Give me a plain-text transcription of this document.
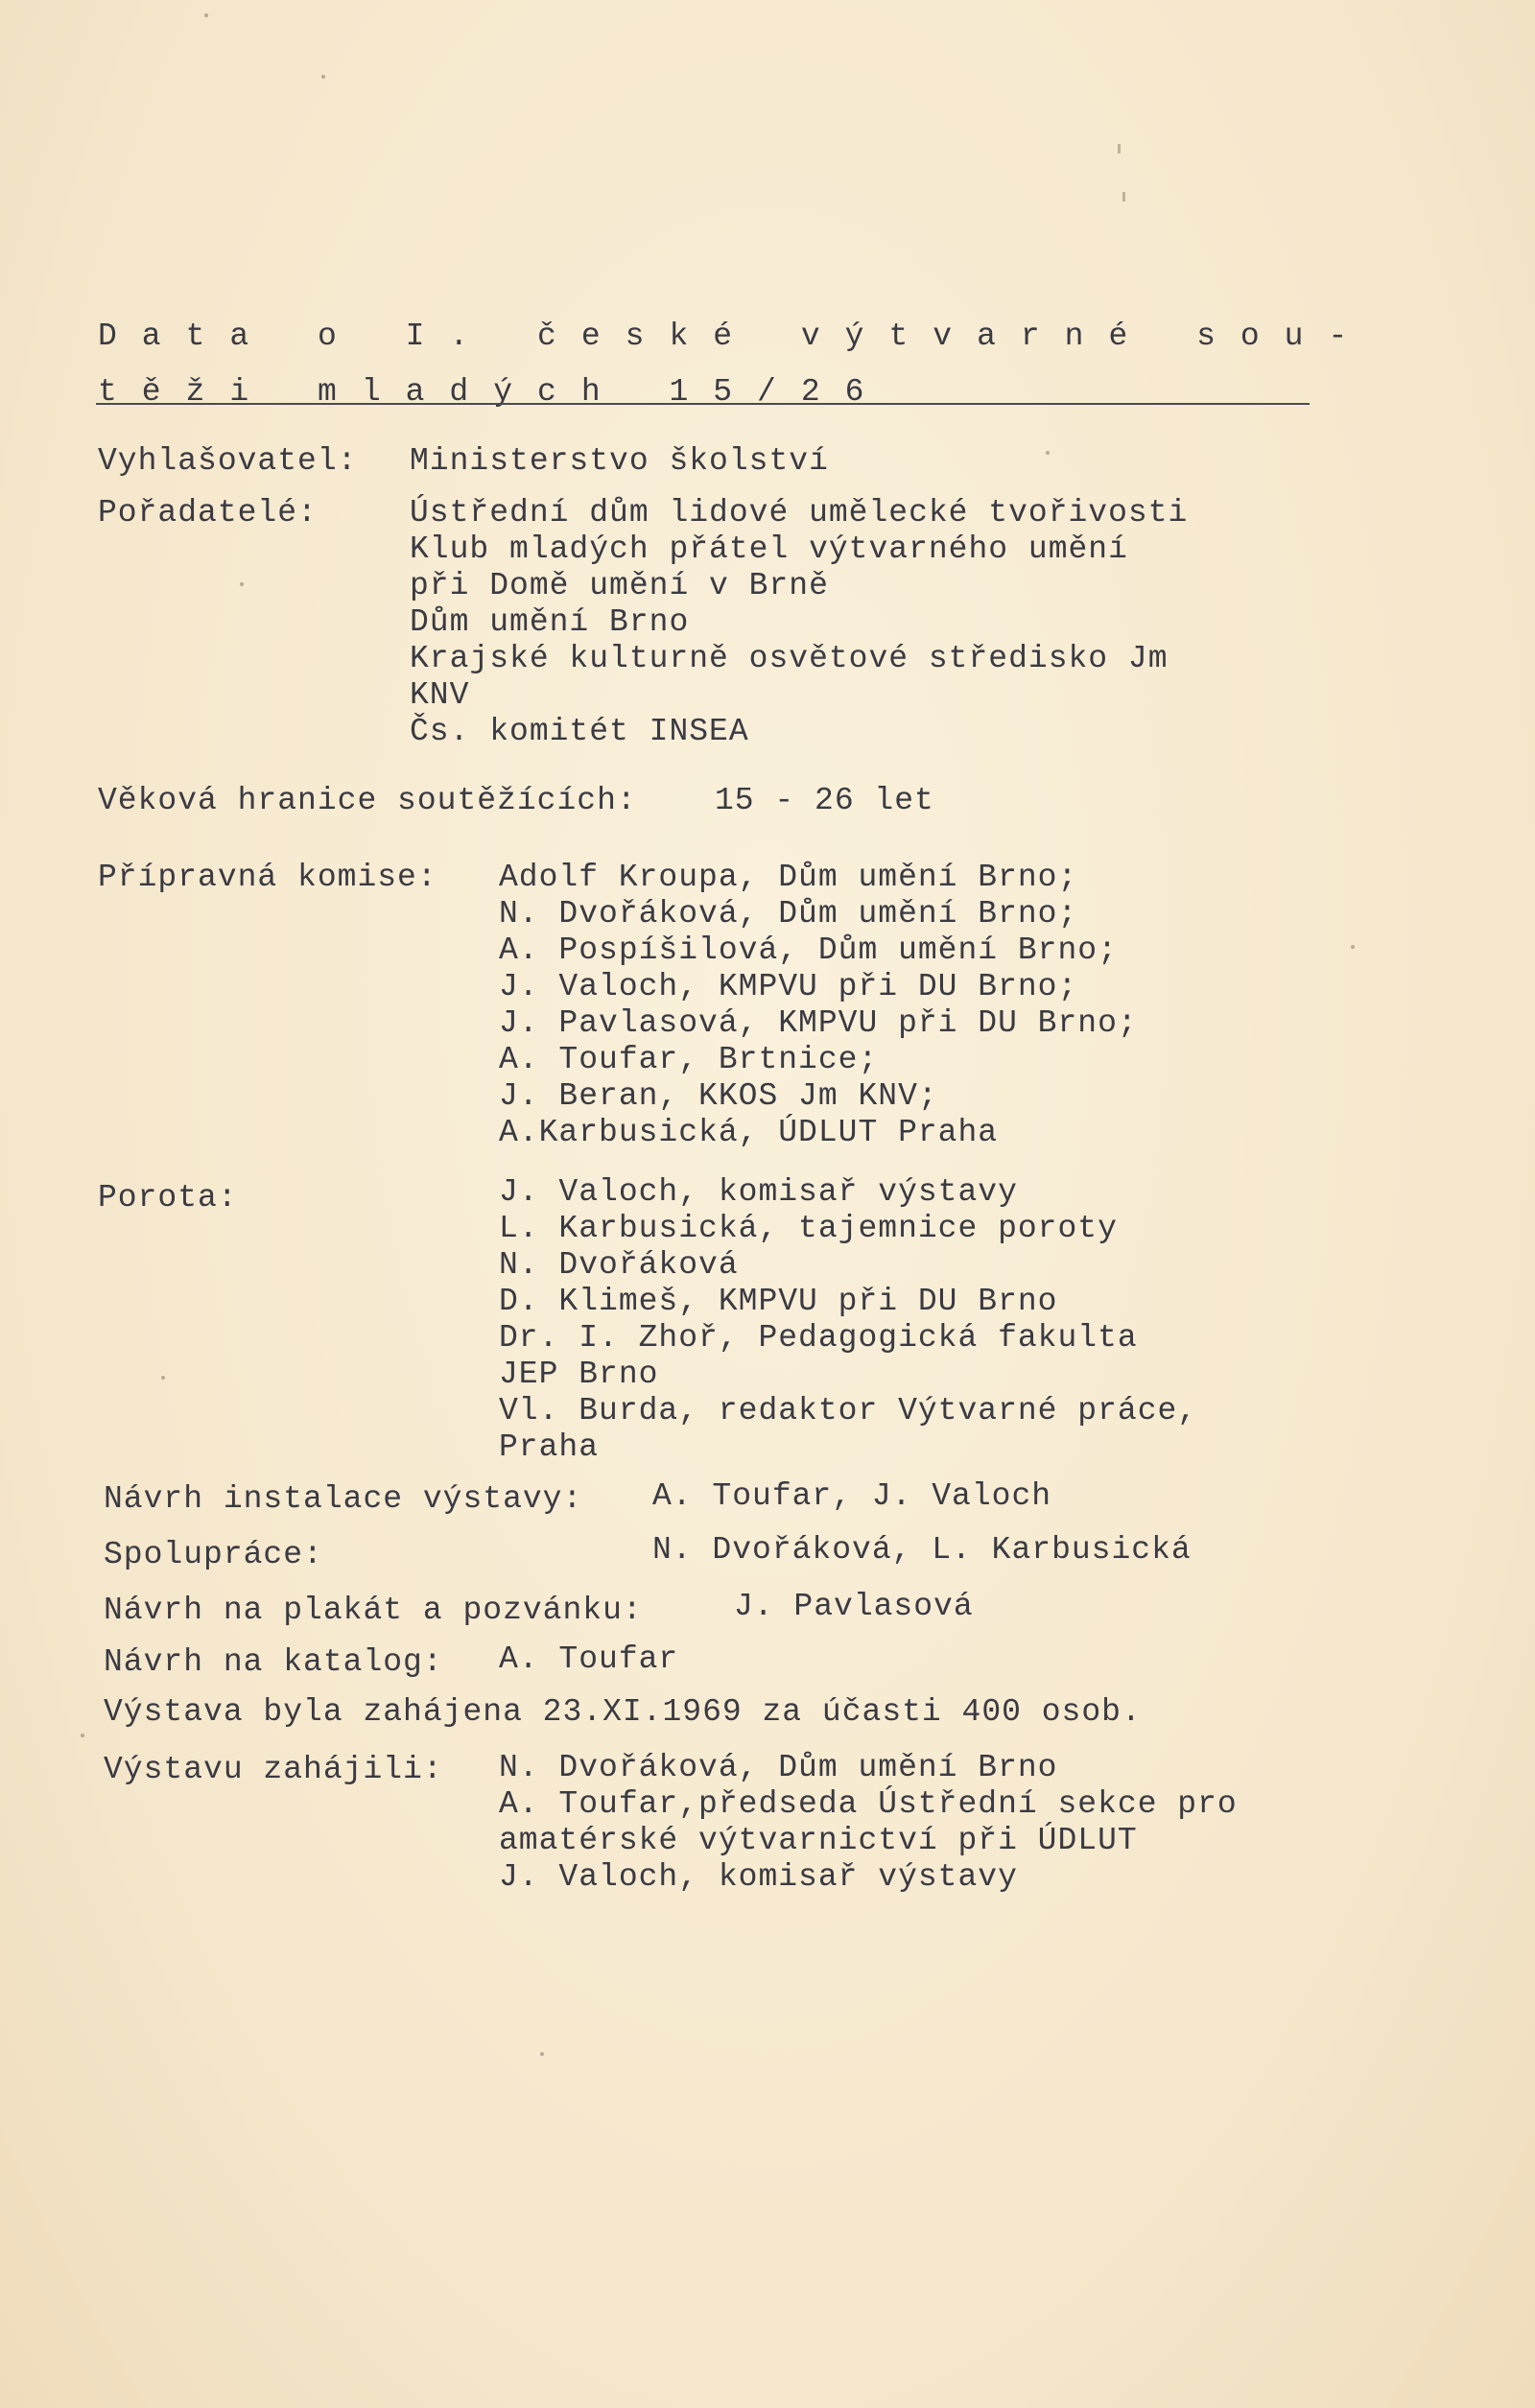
Data o I. české výtvarné sou-
těži mladých 15/26
Vyhlašovatel: Ministerstvo školství
Pořadatelé:	Ústřední dům lidové umělecké tvořivosti
Klub mladých přátel výtvarného umění
při Domě umění v Brně
Dům umění Brno
Krajské kulturně osvětové středisko Jm
KNV
Čs. komitét INSEA
Věková hranice soutěžících: 15 - 26 let
Přípravná komise: Adolf Kroupa, Dům umění Brno;
N. Dvořáková, Dům umění Brno;
A. Pospíšilová, Dům umění Brno;
J. Valoch, KMPVU při DU Brno;
J. Pavlasová, KMPVU při DU Brno;
A. Toufar, Brtnice;
J. Beran, KKOS Jm KNV;
A.Karbusická, ÚDLUT Praha
Porota:	J. Valoch, komisař výstavy
L. Karbusická, tajemnice poroty
N. Dvořáková
D. Klimeš, KMPVU při DU Brno
Dr. I. Zhoř, Pedagogická fakulta
JEP Brno
Vl. Burda, redaktor Výtvarné práce,
Praha
Návrh instalace výstavy: A. Toufar, J. Valoch
Spolupráce:	N. Dvořáková, L. Karbusická
Návrh na plakát a pozvánku:	J. Pavlasová
Návrh na katalog: A. Toufar
Výstava byla zahájena 23.XI.1969 za účasti 400 osob.
Výstavu zahájili: N. Dvořáková, Dům umění Brno
A. Toufar,předseda Ústřední sekce pro
amatérské výtvarnictví při ÚDLUT
J. Valoch, komisař výstavy
